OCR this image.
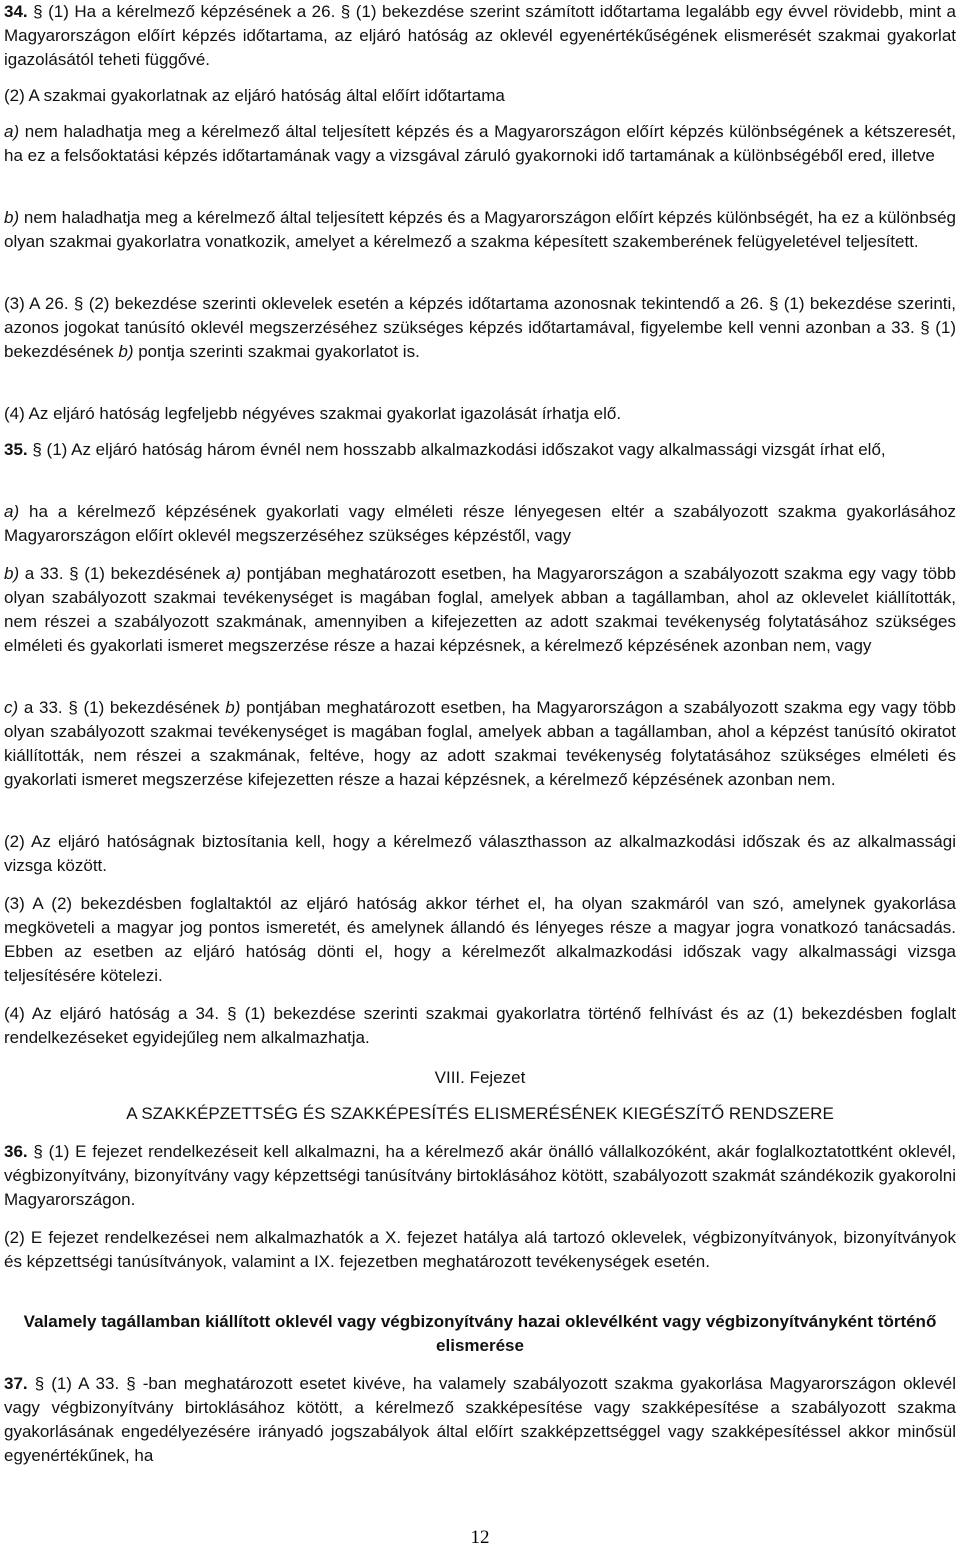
34. § (1) Ha a kérelmező képzésének a 26. § (1) bekezdése szerint számított időtartama legalább egy évvel rövidebb, mint a Magyarországon előírt képzés időtartama, az eljáró hatóság az oklevél egyenértékűségének elismerését szakmai gyakorlat igazolásától teheti függővé.

(2) A szakmai gyakorlatnak az eljáró hatóság által előírt időtartama

a) nem haladhatja meg a kérelmező által teljesített képzés és a Magyarországon előírt képzés különbségének a kétszeresét, ha ez a felsőoktatási képzés időtartamának vagy a vizsgával záruló gyakornoki idő tartamának a különbségéből ered, illetve

b) nem haladhatja meg a kérelmező által teljesített képzés és a Magyarországon előírt képzés különbségét, ha ez a különbség olyan szakmai gyakorlatra vonatkozik, amelyet a kérelmező a szakma képesített szakemberének felügyeletével teljesített.

(3) A 26. § (2) bekezdése szerinti oklevelek esetén a képzés időtartama azonosnak tekintendő a 26. § (1) bekezdése szerinti, azonos jogokat tanúsító oklevél megszerzéséhez szükséges képzés időtartamával, figyelembe kell venni azonban a 33. § (1) bekezdésének b) pontja szerinti szakmai gyakorlatot is.

(4) Az eljáró hatóság legfeljebb négyéves szakmai gyakorlat igazolását írhatja elő.

35. § (1) Az eljáró hatóság három évnél nem hosszabb alkalmazkodási időszakot vagy alkalmassági vizsgát írhat elő,

a) ha a kérelmező képzésének gyakorlati vagy elméleti része lényegesen eltér a szabályozott szakma gyakorlásához Magyarországon előírt oklevél megszerzéséhez szükséges képzéstől, vagy

b) a 33. § (1) bekezdésének a) pontjában meghatározott esetben, ha Magyarországon a szabályozott szakma egy vagy több olyan szabályozott szakmai tevékenységet is magában foglal, amelyek abban a tagállamban, ahol az oklevelet kiállították, nem részei a szabályozott szakmának, amennyiben a kifejezetten az adott szakmai tevékenység folytatásához szükséges elméleti és gyakorlati ismeret megszerzése része a hazai képzésnek, a kérelmező képzésének azonban nem, vagy

c) a 33. § (1) bekezdésének b) pontjában meghatározott esetben, ha Magyarországon a szabályozott szakma egy vagy több olyan szabályozott szakmai tevékenységet is magában foglal, amelyek abban a tagállamban, ahol a képzést tanúsító okiratot kiállították, nem részei a szakmának, feltéve, hogy az adott szakmai tevékenység folytatásához szükséges elméleti és gyakorlati ismeret megszerzése kifejezetten része a hazai képzésnek, a kérelmező képzésének azonban nem.

(2) Az eljáró hatóságnak biztosítania kell, hogy a kérelmező választhasson az alkalmazkodási időszak és az alkalmassági vizsga között.

(3) A (2) bekezdésben foglaltaktól az eljáró hatóság akkor térhet el, ha olyan szakmáról van szó, amelynek gyakorlása megköveteli a magyar jog pontos ismeretét, és amelynek állandó és lényeges része a magyar jogra vonatkozó tanácsadás. Ebben az esetben az eljáró hatóság dönti el, hogy a kérelmezőt alkalmazkodási időszak vagy alkalmassági vizsga teljesítésére kötelezi.

(4) Az eljáró hatóság a 34. § (1) bekezdése szerinti szakmai gyakorlatra történő felhívást és az (1) bekezdésben foglalt rendelkezéseket egyidejűleg nem alkalmazhatja.

VIII. Fejezet

A SZAKKÉPZETTSÉG ÉS SZAKKÉPESÍTÉS ELISMERÉSÉNEK KIEGÉSZÍTŐ RENDSZERE

36. § (1) E fejezet rendelkezéseit kell alkalmazni, ha a kérelmező akár önálló vállalkozóként, akár foglalkoztatottként oklevél, végbizonyítvány, bizonyítvány vagy képzettségi tanúsítvány birtoklásához kötött, szabályozott szakmát szándékozik gyakorolni Magyarországon.

(2) E fejezet rendelkezései nem alkalmazhatók a X. fejezet hatálya alá tartozó oklevelek, végbizonyítványok, bizonyítványok és képzettségi tanúsítványok, valamint a IX. fejezetben meghatározott tevékenységek esetén.

Valamely tagállamban kiállított oklevél vagy végbizonyítvány hazai oklevélként vagy végbizonyítványként történő elismerése

37. § (1) A 33. § -ban meghatározott esetet kivéve, ha valamely szabályozott szakma gyakorlása Magyarországon oklevél vagy végbizonyítvány birtoklásához kötött, a kérelmező szakképesítése vagy szakképesítése a szabályozott szakma gyakorlásának engedélyezésére irányadó jogszabályok által előírt szakképzettséggel vagy szakképesítéssel akkor minősül egyenértékűnek, ha

12
